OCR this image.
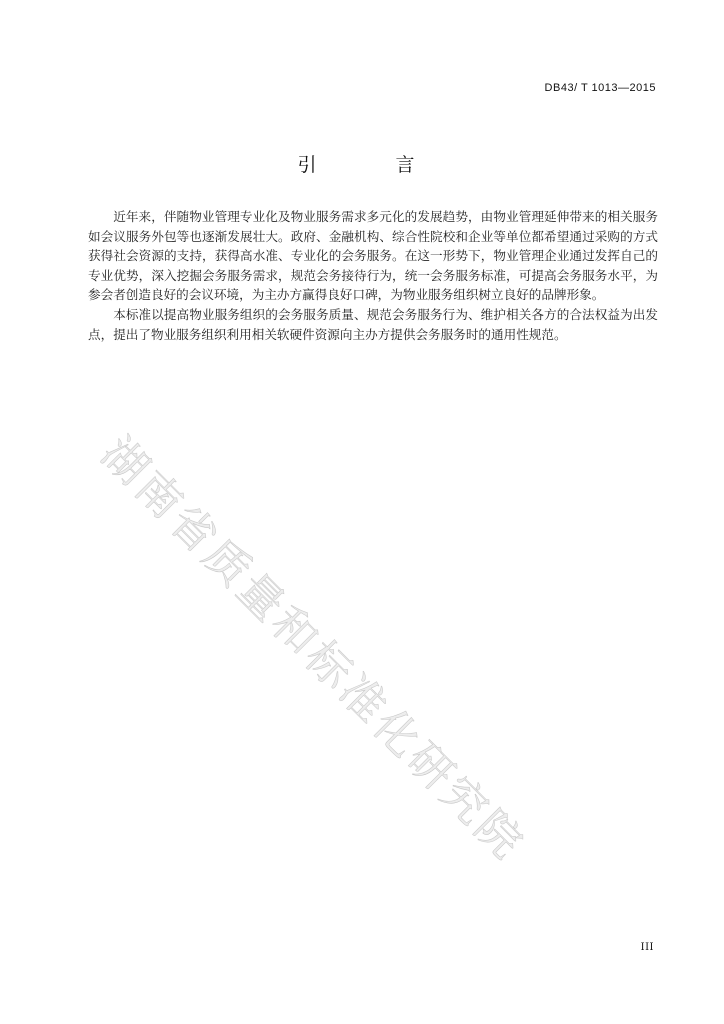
DB43/ T 1013—2015
引　言

近年来，伴随物业管理专业化及物业服务需求多元化的发展趋势，由物业管理延伸带来的相关服务如会议服务外包等也逐渐发展壮大。政府、金融机构、综合性院校和企业等单位都希望通过采购的方式获得社会资源的支持，获得高水准、专业化的会务服务。在这一形势下，物业管理企业通过发挥自己的专业优势，深入挖掘会务服务需求，规范会务接待行为，统一会务服务标准，可提高会务服务水平，为参会者创造良好的会议环境，为主办方赢得良好口碑，为物业服务组织树立良好的品牌形象。

本标准以提高物业服务组织的会务服务质量、规范会务服务行为、维护相关各方的合法权益为出发点，提出了物业服务组织利用相关软硬件资源向主办方提供会务服务时的通用性规范。

湖南省质量和标准化研究院
III
